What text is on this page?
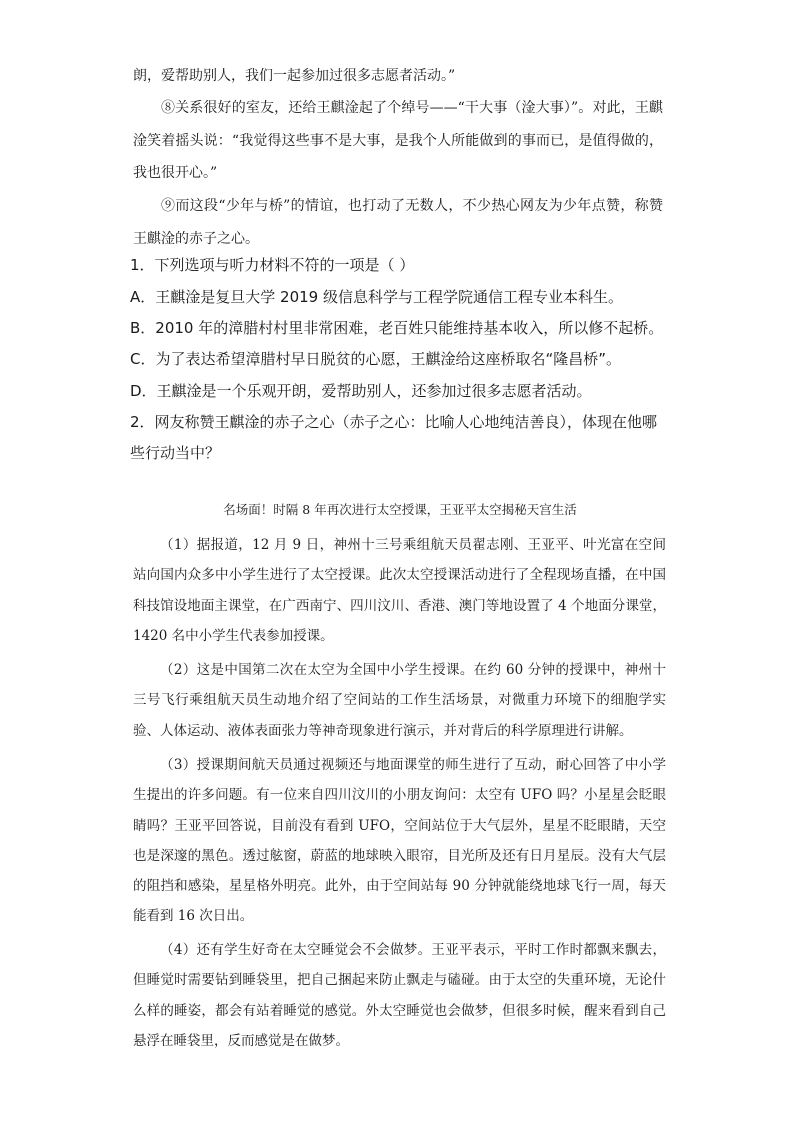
朗，爱帮助别人，我们一起参加过很多志愿者活动。”

⑧关系很好的室友，还给王麒淦起了个绰号——“干大事（淦大事）”。对此，王麒淦笑着摇头说：“我觉得这些事不是大事，是我个人所能做到的事而已，是值得做的，我也很开心。”

⑨而这段“少年与桥”的情谊，也打动了无数人，不少热心网友为少年点赞，称赞王麒淦的赤子之心。

1．下列选项与听力材料不符的一项是（ ）

A．王麒淦是复旦大学 2019 级信息科学与工程学院通信工程专业本科生。

B．2010 年的漳腊村村里非常困难，老百姓只能维持基本收入，所以修不起桥。

C．为了表达希望漳腊村早日脱贫的心愿，王麒淦给这座桥取名“隆昌桥”。

D．王麒淦是一个乐观开朗，爱帮助别人，还参加过很多志愿者活动。

2．网友称赞王麒淦的赤子之心（赤子之心：比喻人心地纯洁善良），体现在他哪些行动当中？

名场面！时隔 8 年再次进行太空授课，王亚平太空揭秘天宫生活

（1）据报道，12 月 9 日，神州十三号乘组航天员翟志刚、王亚平、叶光富在空间站向国内众多中小学生进行了太空授课。此次太空授课活动进行了全程现场直播，在中国科技馆设地面主课堂，在广西南宁、四川汶川、香港、澳门等地设置了 4 个地面分课堂，1420 名中小学生代表参加授课。

（2）这是中国第二次在太空为全国中小学生授课。在约 60 分钟的授课中，神州十三号飞行乘组航天员生动地介绍了空间站的工作生活场景，对微重力环境下的细胞学实验、人体运动、液体表面张力等神奇现象进行演示，并对背后的科学原理进行讲解。

（3）授课期间航天员通过视频还与地面课堂的师生进行了互动，耐心回答了中小学生提出的许多问题。有一位来自四川汶川的小朋友询问：太空有 UFO 吗？小星星会眨眼睛吗？王亚平回答说，目前没有看到 UFO，空间站位于大气层外，星星不眨眼睛，天空也是深邃的黑色。透过舷窗，蔚蓝的地球映入眼帘，目光所及还有日月星辰。没有大气层的阻挡和感染，星星格外明亮。此外，由于空间站每 90 分钟就能绕地球飞行一周，每天能看到 16 次日出。

（4）还有学生好奇在太空睡觉会不会做梦。王亚平表示，平时工作时都飘来飘去，但睡觉时需要钻到睡袋里，把自己捆起来防止飘走与磕碰。由于太空的失重环境，无论什么样的睡姿，都会有站着睡觉的感觉。外太空睡觉也会做梦，但很多时候，醒来看到自己悬浮在睡袋里，反而感觉是在做梦。
